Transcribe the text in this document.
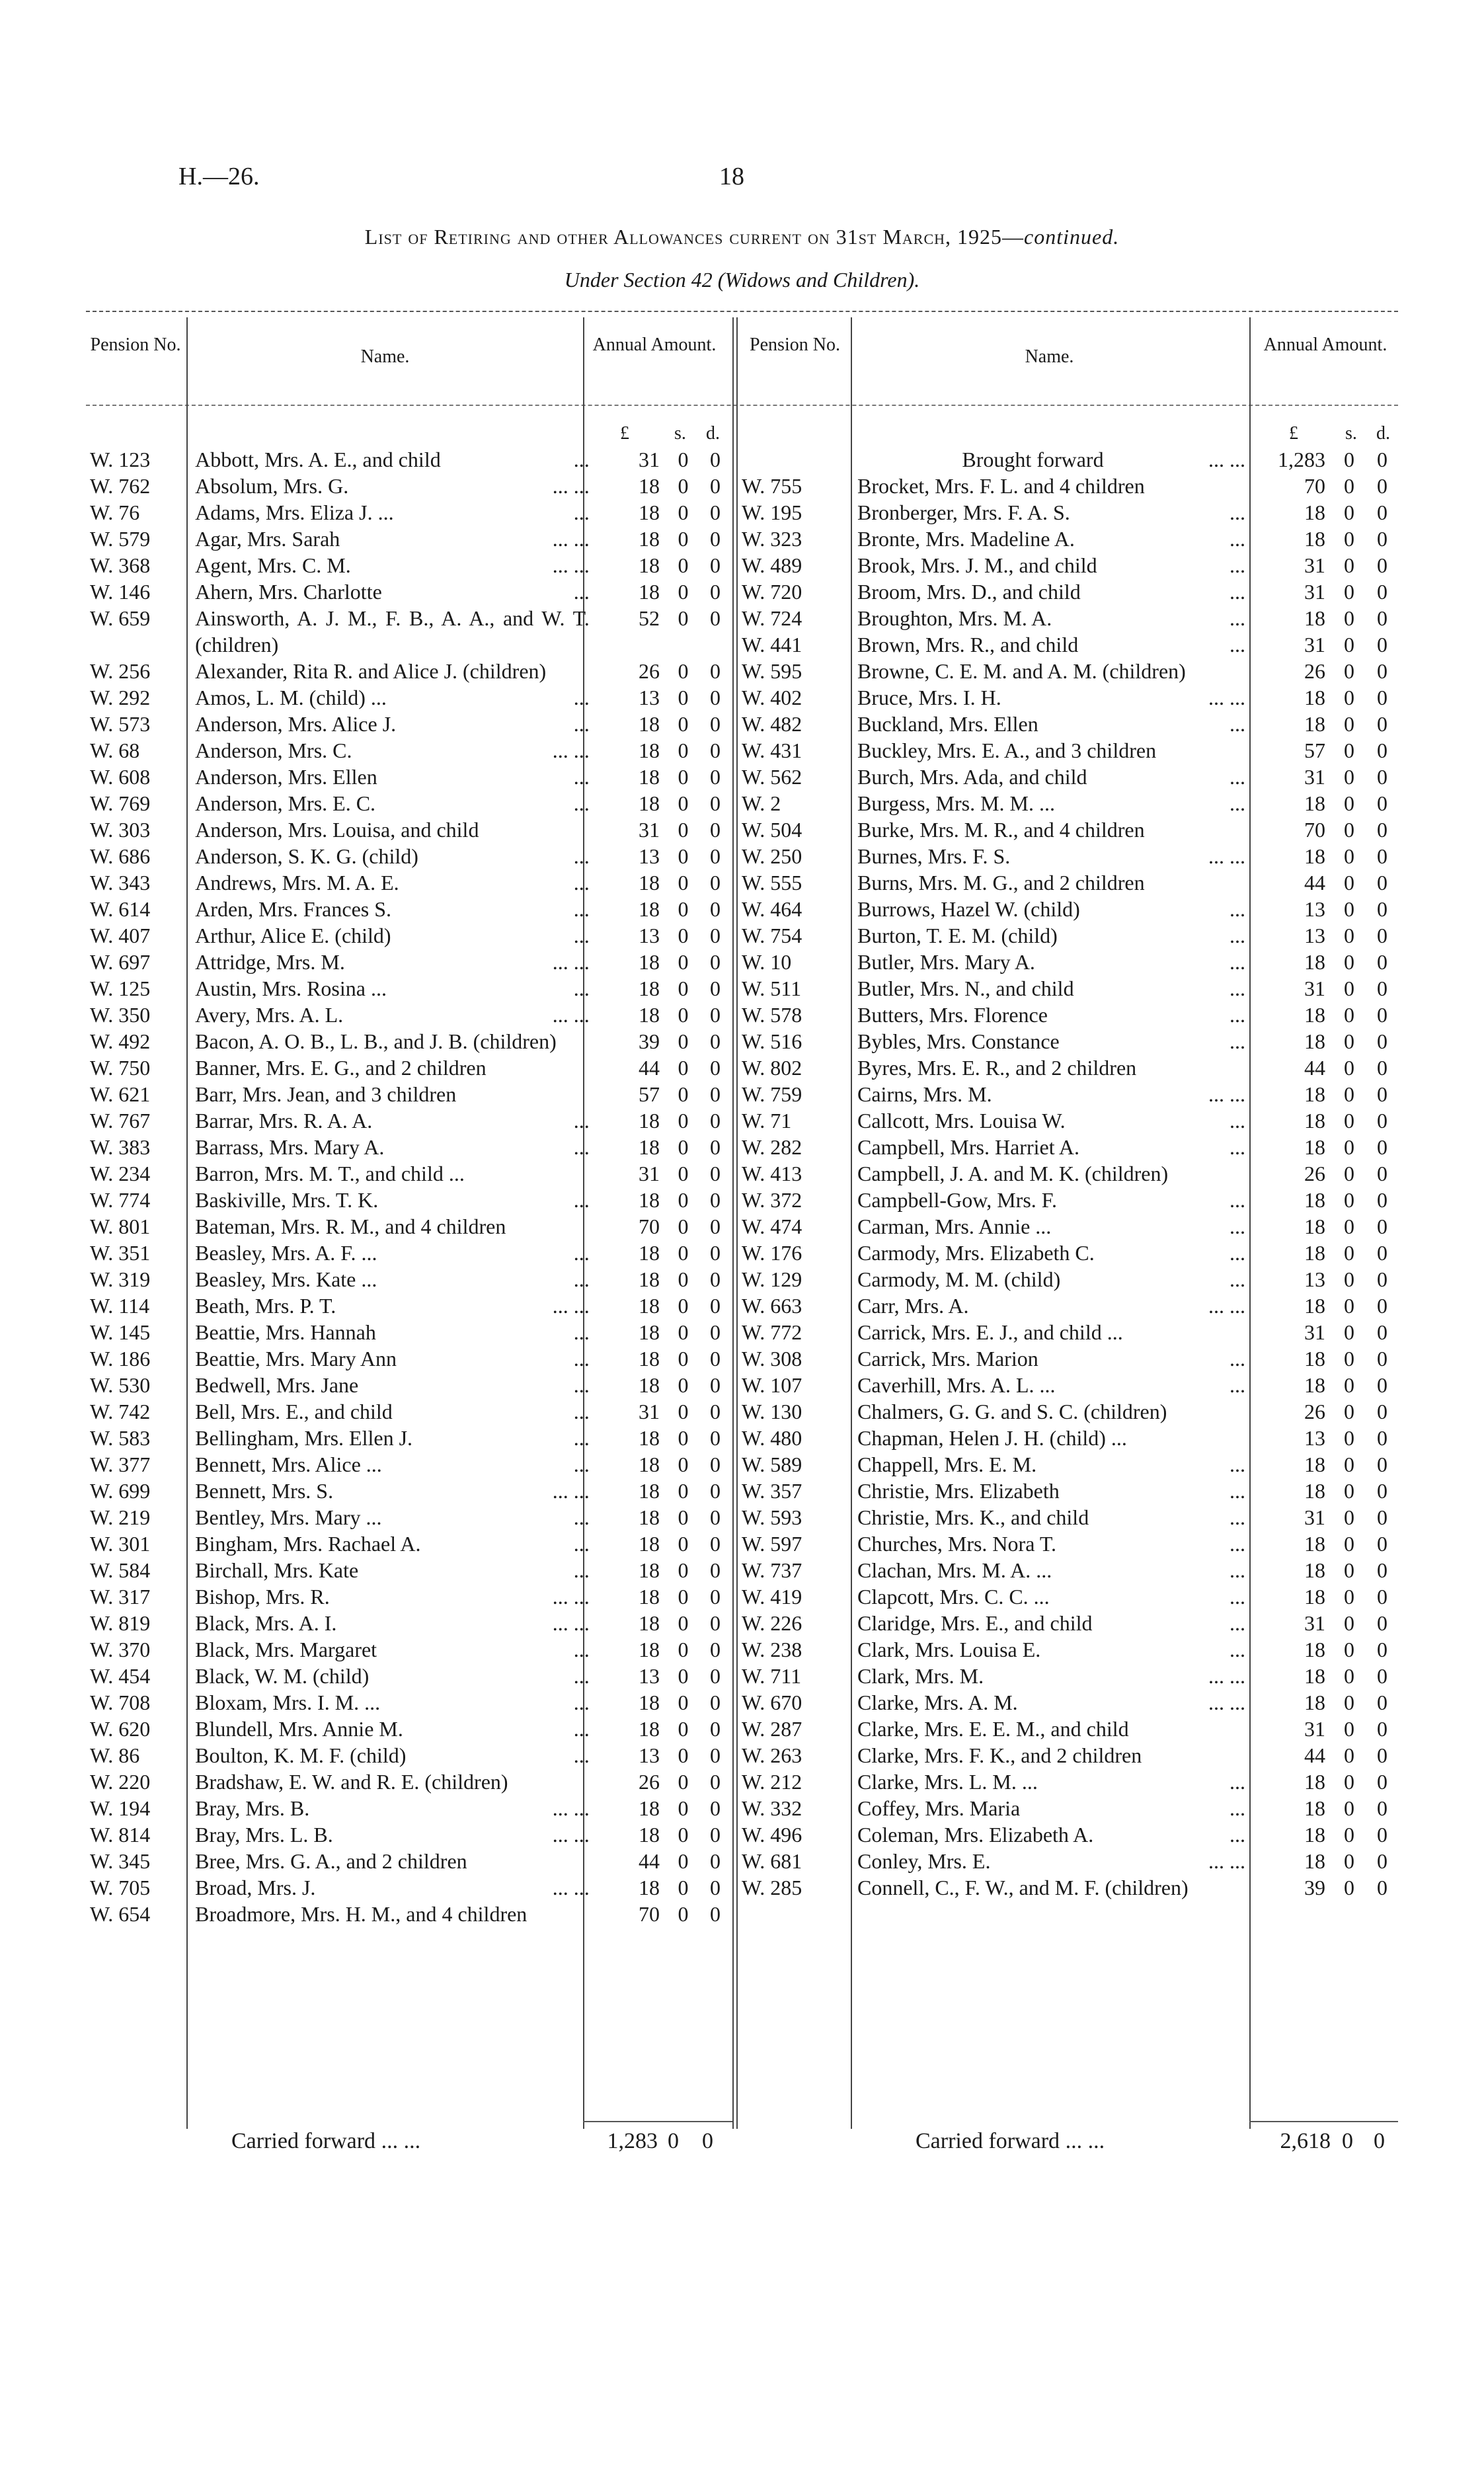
H.—26.	18
List of Retiring and other Allowances current on 31st March, 1925—continued.
Under Section 42 (Widows and Children).
Pension No.
Name.
Annual Amount.	Pension No.
Name.
Annual Amount.
£ s. d.	£	s. d.
W. 123	Abbott, Mrs. A. E., and child ...	31	0	0
W. 762	Absolum, Mrs. G. ... ...	18	0	0
W. 76	Adams, Mrs. Eliza J. ... ...	18	0	0
W. 579	Agar, Mrs. Sarah ... ...	18	0	0
W. 368	Agent, Mrs. C. M. ... ...	18	0	0
W. 146	Ahern, Mrs. Charlotte ...	18	0	0
W. 659	Ainsworth, A. J. M., F. B., A. A., and W. T. (children)	52	0	0
W. 256	Alexander, Rita R. and Alice J. (children)	26	0	0
W. 292	Amos, L. M. (child) ... ...	13	0	0
W. 573	Anderson, Mrs. Alice J. ...	18	0	0
W. 68	Anderson, Mrs. C. ... ...	18	0	0
W. 608	Anderson, Mrs. Ellen ...	18	0	0
W. 769	Anderson, Mrs. E. C. ...	18	0	0
W. 303	Anderson, Mrs. Louisa, and child	31	0	0
W. 686	Anderson, S. K. G. (child) ...	13	0	0
W. 343	Andrews, Mrs. M. A. E. ...	18	0	0
W. 614	Arden, Mrs. Frances S. ...	18	0	0
W. 407	Arthur, Alice E. (child) ...	13	0	0
W. 697	Attridge, Mrs. M. ... ...	18	0	0
W. 125	Austin, Mrs. Rosina ... ...	18	0	0
W. 350	Avery, Mrs. A. L. ... ...	18	0	0
W. 492	Bacon, A. O. B., L. B., and J. B. (children)	39	0	0
W. 750	Banner, Mrs. E. G., and 2 children	44	0	0
W. 621	Barr, Mrs. Jean, and 3 children	57	0	0
W. 767	Barrar, Mrs. R. A. A. ...	18	0	0
W. 383	Barrass, Mrs. Mary A. ...	18	0	0
W. 234	Barron, Mrs. M. T., and child ...	31	0	0
W. 774	Baskiville, Mrs. T. K. ...	18	0	0
W. 801	Bateman, Mrs. R. M., and 4 children	70	0	0
W. 351	Beasley, Mrs. A. F. ... ...	18	0	0
W. 319	Beasley, Mrs. Kate ... ...	18	0	0
W. 114	Beath, Mrs. P. T. ... ...	18	0	0
W. 145	Beattie, Mrs. Hannah ...	18	0	0
W. 186	Beattie, Mrs. Mary Ann ...	18	0	0
W. 530	Bedwell, Mrs. Jane ...	18	0	0
W. 742	Bell, Mrs. E., and child ...	31	0	0
W. 583	Bellingham, Mrs. Ellen J. ...	18	0	0
W. 377	Bennett, Mrs. Alice ... ...	18	0	0
W. 699	Bennett, Mrs. S. ... ...	18	0	0
W. 219	Bentley, Mrs. Mary ... ...	18	0	0
W. 301	Bingham, Mrs. Rachael A. ...	18	0	0
W. 584	Birchall, Mrs. Kate ...	18	0	0
W. 317	Bishop, Mrs. R. ... ...	18	0	0
W. 819	Black, Mrs. A. I. ... ...	18	0	0
W. 370	Black, Mrs. Margaret ...	18	0	0
W. 454	Black, W. M. (child) ...	13	0	0
W. 708	Bloxam, Mrs. I. M. ... ...	18	0	0
W. 620	Blundell, Mrs. Annie M. ...	18	0	0
W. 86	Boulton, K. M. F. (child) ...	13	0	0
W. 220	Bradshaw, E. W. and R. E. (children)	26	0	0
W. 194	Bray, Mrs. B. ... ...	18	0	0
W. 814	Bray, Mrs. L. B. ... ...	18	0	0
W. 345	Bree, Mrs. G. A., and 2 children	44	0	0
W. 705	Broad, Mrs. J. ... ...	18	0	0
W. 654	Broadmore, Mrs. H. M., and 4 children	70	0	0
	Brought forward ... ...	1,283	0	0
W. 755	Brocket, Mrs. F. L. and 4 children	70	0	0
W. 195	Bronberger, Mrs. F. A. S. ...	18	0	0
W. 323	Bronte, Mrs. Madeline A. ...	18	0	0
W. 489	Brook, Mrs. J. M., and child ...	31	0	0
W. 720	Broom, Mrs. D., and child ...	31	0	0
W. 724	Broughton, Mrs. M. A. ...	18	0	0
W. 441	Brown, Mrs. R., and child ...	31	0	0
W. 595	Browne, C. E. M. and A. M. (children)	26	0	0
W. 402	Bruce, Mrs. I. H. ... ...	18	0	0
W. 482	Buckland, Mrs. Ellen ...	18	0	0
W. 431	Buckley, Mrs. E. A., and 3 children	57	0	0
W. 562	Burch, Mrs. Ada, and child ...	31	0	0
W. 2	Burgess, Mrs. M. M. ... ...	18	0	0
W. 504	Burke, Mrs. M. R., and 4 children	70	0	0
W. 250	Burnes, Mrs. F. S. ... ...	18	0	0
W. 555	Burns, Mrs. M. G., and 2 children	44	0	0
W. 464	Burrows, Hazel W. (child) ...	13	0	0
W. 754	Burton, T. E. M. (child) ...	13	0	0
W. 10	Butler, Mrs. Mary A. ...	18	0	0
W. 511	Butler, Mrs. N., and child ...	31	0	0
W. 578	Butters, Mrs. Florence ...	18	0	0
W. 516	Bybles, Mrs. Constance ...	18	0	0
W. 802	Byres, Mrs. E. R., and 2 children	44	0	0
W. 759	Cairns, Mrs. M. ... ...	18	0	0
W. 71	Callcott, Mrs. Louisa W. ...	18	0	0
W. 282	Campbell, Mrs. Harriet A. ...	18	0	0
W. 413	Campbell, J. A. and M. K. (children)	26	0	0
W. 372	Campbell-Gow, Mrs. F. ...	18	0	0
W. 474	Carman, Mrs. Annie ... ...	18	0	0
W. 176	Carmody, Mrs. Elizabeth C. ...	18	0	0
W. 129	Carmody, M. M. (child) ...	13	0	0
W. 663	Carr, Mrs. A. ... ...	18	0	0
W. 772	Carrick, Mrs. E. J., and child ...	31	0	0
W. 308	Carrick, Mrs. Marion ...	18	0	0
W. 107	Caverhill, Mrs. A. L. ... ...	18	0	0
W. 130	Chalmers, G. G. and S. C. (children)	26	0	0
W. 480	Chapman, Helen J. H. (child) ...	13	0	0
W. 589	Chappell, Mrs. E. M. ...	18	0	0
W. 357	Christie, Mrs. Elizabeth ...	18	0	0
W. 593	Christie, Mrs. K., and child ...	31	0	0
W. 597	Churches, Mrs. Nora T. ...	18	0	0
W. 737	Clachan, Mrs. M. A. ... ...	18	0	0
W. 419	Clapcott, Mrs. C. C. ... ...	18	0	0
W. 226	Claridge, Mrs. E., and child ...	31	0	0
W. 238	Clark, Mrs. Louisa E. ...	18	0	0
W. 711	Clark, Mrs. M. ... ...	18	0	0
W. 670	Clarke, Mrs. A. M. ... ...	18	0	0
W. 287	Clarke, Mrs. E. E. M., and child	31	0	0
W. 263	Clarke, Mrs. F. K., and 2 children	44	0	0
W. 212	Clarke, Mrs. L. M. ... ...	18	0	0
W. 332	Coffey, Mrs. Maria ...	18	0	0
W. 496	Coleman, Mrs. Elizabeth A. ...	18	0	0
W. 681	Conley, Mrs. E. ... ...	18	0	0
W. 285	Connell, C., F. W., and M. F. (children)	39	0	0
Carried forward ... ...	1,283 0 0	Carried forward ... ...	2,618 0 0
